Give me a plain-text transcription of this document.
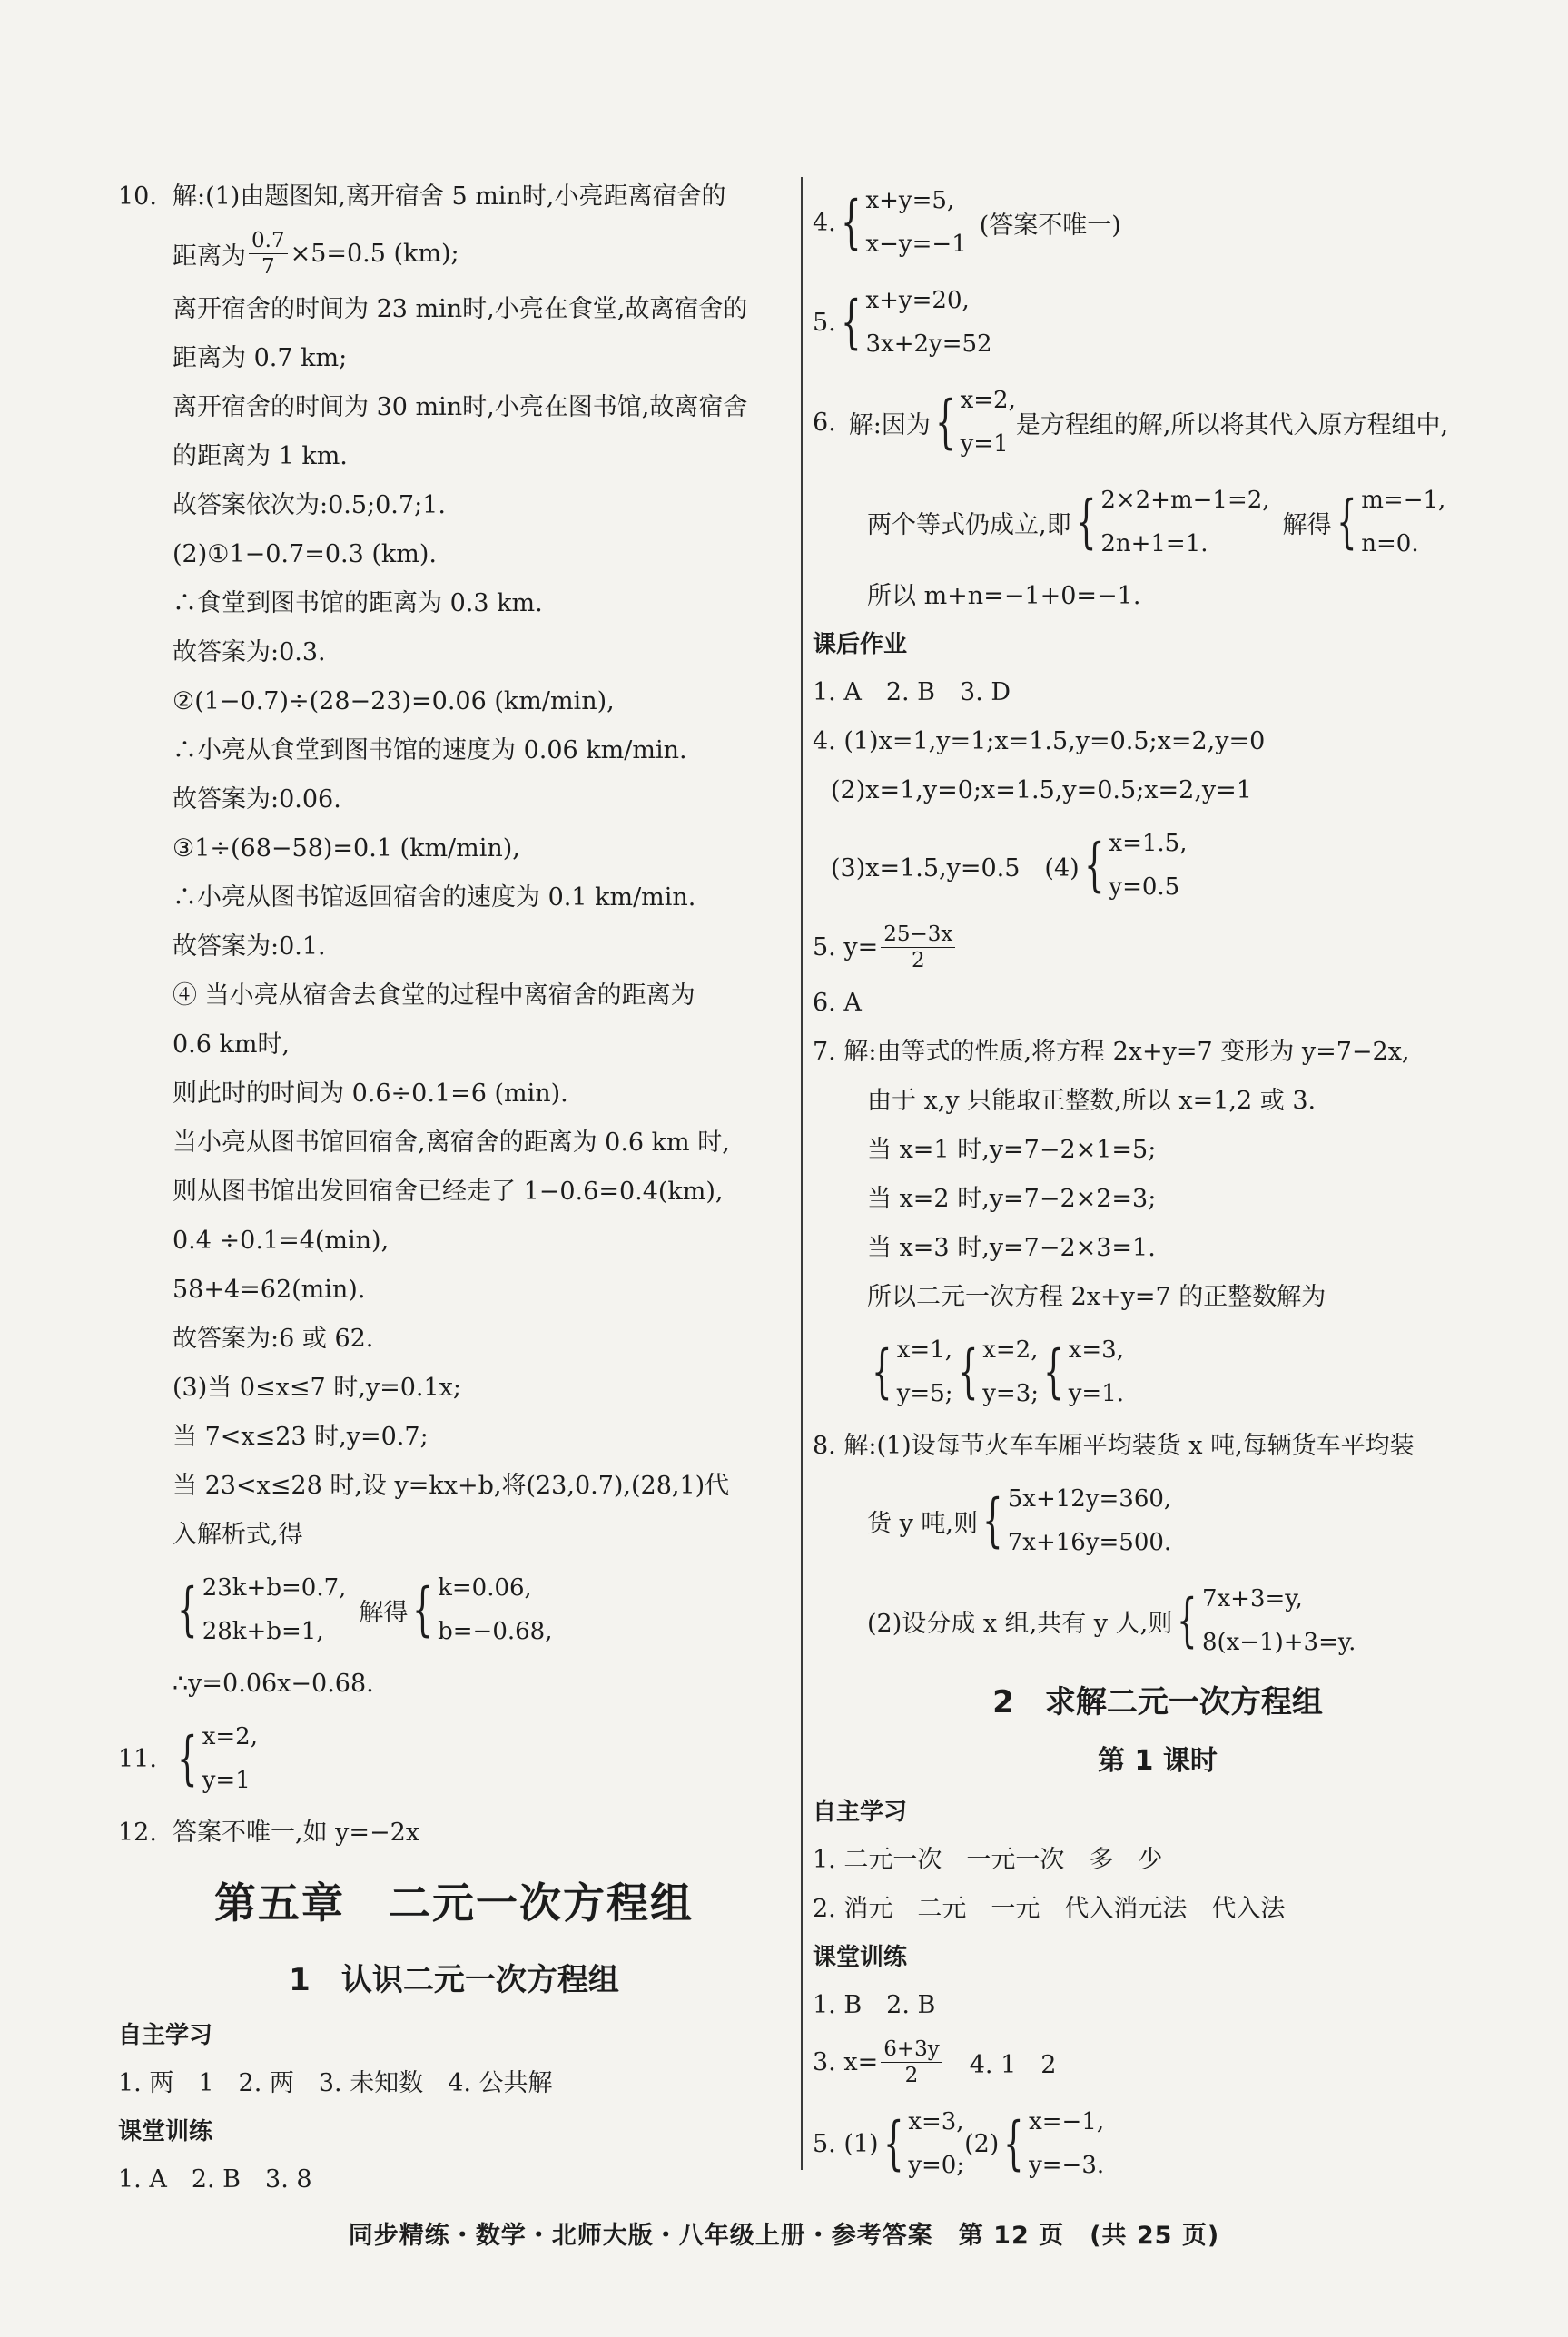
10. 解:(1)由题图知,离开宿舍 5 min时,小亮距离宿舍的
距离为 $\frac{0.7}{7} \times 5=0.5$ (km);
离开宿舍的时间为 23 min时,小亮在食堂,故离宿舍的
距离为 0.7 km;
离开宿舍的时间为 30 min时,小亮在图书馆,故离宿舍
的距离为 1 km.
故答案依次为:0.5;0.7;1.
(2)①1−0.7=0.3 (km).
∴食堂到图书馆的距离为 0.3 km.
故答案为:0.3.
②(1−0.7)÷(28−23)=0.06 (km/min),
∴小亮从食堂到图书馆的速度为 0.06 km/min.
故答案为:0.06.
③1÷(68−58)=0.1 (km/min),
∴小亮从图书馆返回宿舍的速度为 0.1 km/min.
故答案为:0.1.
④ 当小亮从宿舍去食堂的过程中离宿舍的距离为
0.6 km时,
则此时的时间为 0.6÷0.1=6 (min).
当小亮从图书馆回宿舍,离宿舍的距离为 0.6 km 时,
则从图书馆出发回宿舍已经走了 1−0.6=0.4(km),
0.4 ÷0.1=4(min),
58+4=62(min).
故答案为:6 或 62.
(3)当 0≤x≤7 时,y=0.1x;
当 7<x≤23 时,y=0.7;
当 23<x≤28 时,设 y=kx+b,将(23,0.7),(28,1)代
入解析式,得
{ 23k+b=0.7,
28k+b=1,
解得 { k=0.06,
b=−0.68,
∴y=0.06x−0.68.
11. { x=2,
y=1
12. 答案不唯一,如 y=−2x
第五章　二元一次方程组
1　认识二元一次方程组
自主学习
1. 两　1　2. 两　3. 未知数　4. 公共解
课堂训练
1. A　2. B　3. 8
4. { x+y=5,
x−y=−1
(答案不唯一)
5. { x+y=20,
3x+2y=52
6. 解:因为 { x=2,
y=1
是方程组的解,所以将其代入原方程组中,
两个等式仍成立,即 { 2×2+m−1=2,
2n+1=1.
解得 { m=−1,
n=0.
所以 m+n=−1+0=−1.
课后作业
1. A　2. B　3. D
4. (1)x=1,y=1;x=1.5,y=0.5;x=2,y=0
(2)x=1,y=0;x=1.5,y=0.5;x=2,y=1
(3)x=1.5,y=0.5　(4) { x=1.5,
y=0.5
5. $y= \frac{25-3x}{2}$
6. A
7. 解:由等式的性质,将方程 2x+y=7 变形为 y=7−2x,
由于 x,y 只能取正整数,所以 x=1,2 或 3.
当 x=1 时,y=7−2×1=5;
当 x=2 时,y=7−2×2=3;
当 x=3 时,y=7−2×3=1.
所以二元一次方程 2x+y=7 的正整数解为
{ x=1,
y=5; { x=2,
y=3; { x=3,
y=1.
8. 解:(1)设每节火车车厢平均装货 x 吨,每辆货车平均装
货 y 吨,则 { 5x+12y=360,
7x+16y=500.
(2)设分成 x 组,共有 y 人,则 { 7x+3=y,
8(x−1)+3=y.
2　求解二元一次方程组
第 1 课时
自主学习
1. 二元一次　一元一次　多　少
2. 消元　二元　一元　代入消元法　代入法
课堂训练
1. B　2. B
3. $x= \frac{6+3y}{2}$ 　4. 1　2
5. (1) { x=3,
y=0;
(2) { x=−1,
y=−3.
同步精练・数学・北师大版・八年级上册・参考答案　第 12 页　(共 25 页)
